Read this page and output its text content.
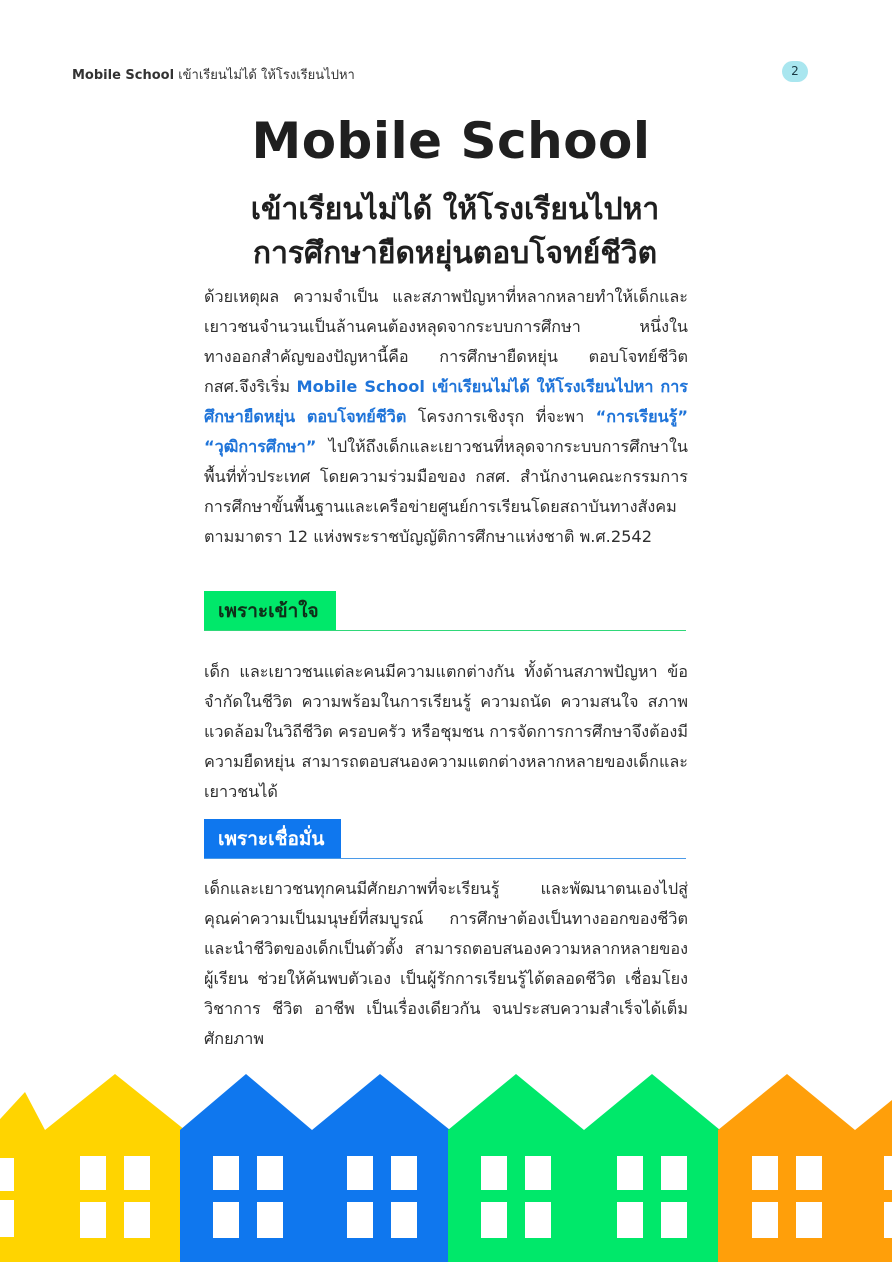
Mobile School เข้าเรียนไม่ได้ ให้โรงเรียนไปหา	2
Mobile School
เข้าเรียนไม่ได้ ให้โรงเรียนไปหา
การศึกษายืดหยุ่นตอบโจทย์ชีวิต

ด้วยเหตุผล ความจำเป็น และสภาพปัญหาที่หลากหลายทำให้เด็กและเยาวชนจำนวนเป็นล้านคนต้องหลุดจากระบบการศึกษา หนึ่งในทางออกสำคัญของปัญหานี้คือ การศึกษายืดหยุ่น ตอบโจทย์ชีวิต กสศ.จึงริเริ่ม Mobile School เข้าเรียนไม่ได้ ให้โรงเรียนไปหา การศึกษายืดหยุ่น ตอบโจทย์ชีวิต โครงการเชิงรุก ที่จะพา “การเรียนรู้” “วุฒิการศึกษา” ไปให้ถึงเด็กและเยาวชนที่หลุดจากระบบการศึกษาในพื้นที่ทั่วประเทศ โดยความร่วมมือของ กสศ. สำนักงานคณะกรรมการการศึกษาขั้นพื้นฐานและเครือข่ายศูนย์การเรียนโดยสถาบันทางสังคม ตามมาตรา 12 แห่งพระราชบัญญัติการศึกษาแห่งชาติ พ.ศ.2542

เพราะเข้าใจ

เด็ก และเยาวชนแต่ละคนมีความแตกต่างกัน ทั้งด้านสภาพปัญหา ข้อจำกัดในชีวิต ความพร้อมในการเรียนรู้ ความถนัด ความสนใจ สภาพแวดล้อมในวิถีชีวิต ครอบครัว หรือชุมชน การจัดการการศึกษาจึงต้องมีความยืดหยุ่น สามารถตอบสนองความแตกต่างหลากหลายของเด็กและเยาวชนได้

เพราะเชื่อมั่น

เด็กและเยาวชนทุกคนมีศักยภาพที่จะเรียนรู้ และพัฒนาตนเองไปสู่คุณค่าความเป็นมนุษย์ที่สมบูรณ์ การศึกษาต้องเป็นทางออกของชีวิต และนำชีวิตของเด็กเป็นตัวตั้ง สามารถตอบสนองความหลากหลายของผู้เรียน ช่วยให้ค้นพบตัวเอง เป็นผู้รักการเรียนรู้ได้ตลอดชีวิต เชื่อมโยงวิชาการ ชีวิต อาชีพ เป็นเรื่องเดียวกัน จนประสบความสำเร็จได้เต็มศักยภาพ
